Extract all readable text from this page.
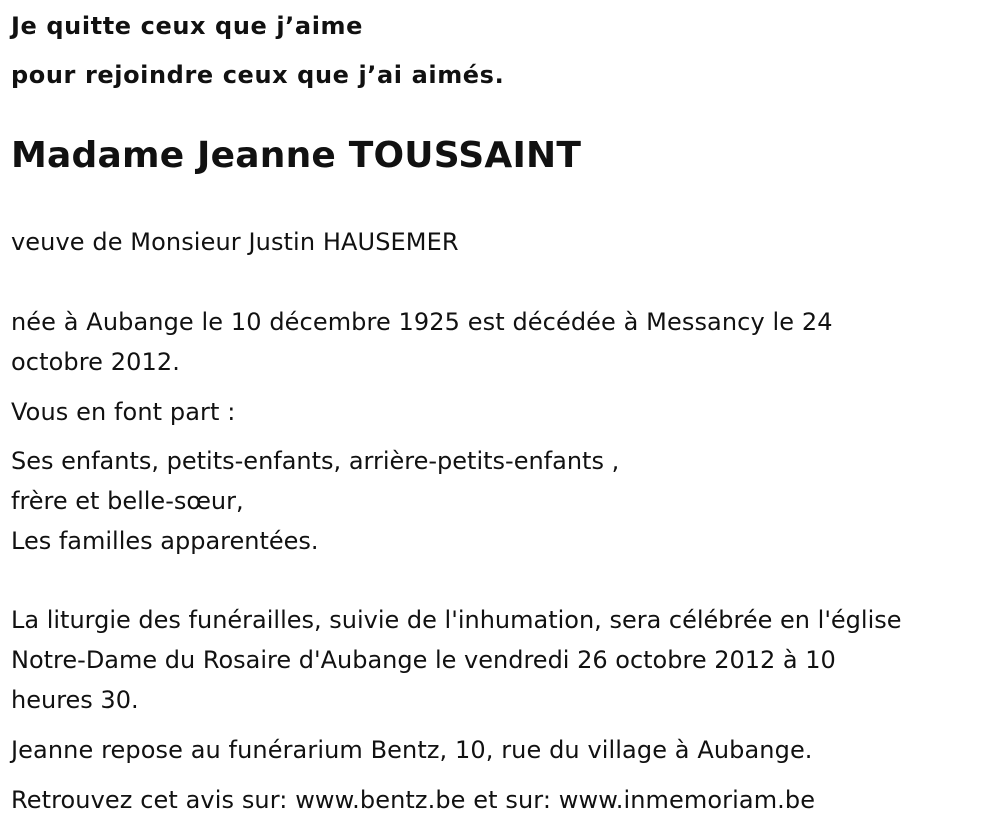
Je quitte ceux que j’aime

pour rejoindre ceux que j’ai aimés.

Madame Jeanne TOUSSAINT

veuve de Monsieur Justin HAUSEMER

née à Aubange le 10 décembre 1925 est décédée à Messancy le 24

octobre 2012.

Vous en font part :

Ses enfants, petits-enfants, arrière-petits-enfants ,
frère et belle-sœur,
Les familles apparentées.
La liturgie des funérailles, suivie de l'inhumation, sera célébrée en l'église
Notre-Dame du Rosaire d'Aubange le vendredi 26 octobre 2012 à 10
heures 30.

Jeanne repose au funérarium Bentz, 10, rue du village à Aubange.

Retrouvez cet avis sur: www.bentz.be et sur: www.inmemoriam.be
